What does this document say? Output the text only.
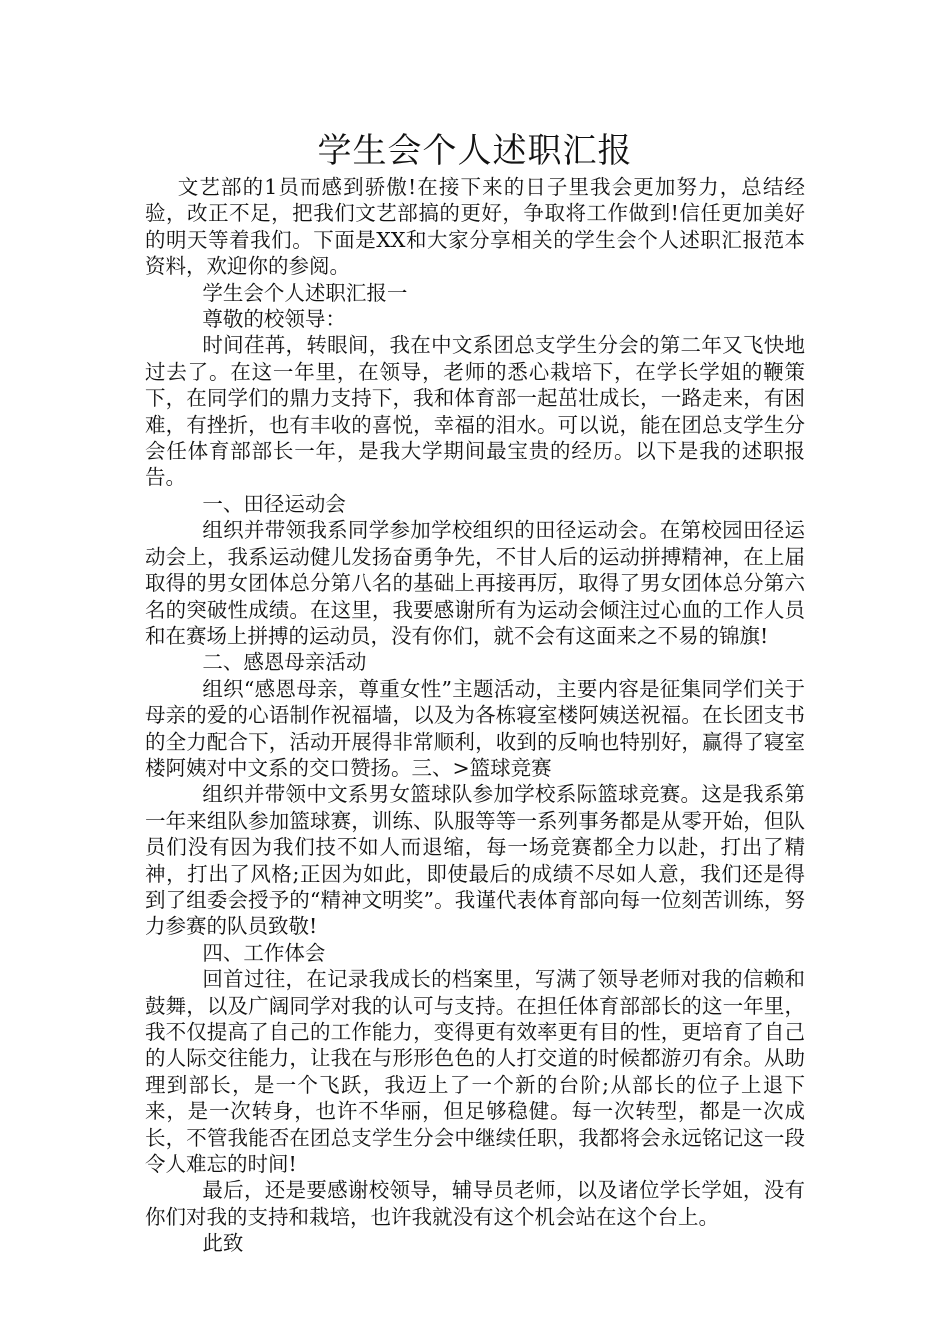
学生会个人述职汇报

文艺部的1员而感到骄傲!在接下来的日子里我会更加努力，总结经验，改正不足，把我们文艺部搞的更好，争取将工作做到!信任更加美好的明天等着我们。下面是XX和大家分享相关的学生会个人述职汇报范本资料，欢迎你的参阅。

学生会个人述职汇报一

尊敬的校领导：

时间荏苒，转眼间，我在中文系团总支学生分会的第二年又飞快地过去了。在这一年里，在领导，老师的悉心栽培下，在学长学姐的鞭策下，在同学们的鼎力支持下，我和体育部一起茁壮成长，一路走来，有困难，有挫折，也有丰收的喜悦，幸福的泪水。可以说，能在团总支学生分会任体育部部长一年，是我大学期间最宝贵的经历。以下是我的述职报告。

一、田径运动会

组织并带领我系同学参加学校组织的田径运动会。在第校园田径运动会上，我系运动健儿发扬奋勇争先，不甘人后的运动拼搏精神，在上届取得的男女团体总分第八名的基础上再接再厉，取得了男女团体总分第六名的突破性成绩。在这里，我要感谢所有为运动会倾注过心血的工作人员和在赛场上拼搏的运动员，没有你们，就不会有这面来之不易的锦旗!

二、感恩母亲活动

组织“感恩母亲，尊重女性”主题活动，主要内容是征集同学们关于母亲的爱的心语制作祝福墙，以及为各栋寝室楼阿姨送祝福。在长团支书的全力配合下，活动开展得非常顺利，收到的反响也特别好，赢得了寝室楼阿姨对中文系的交口赞扬。三、>篮球竞赛

组织并带领中文系男女篮球队参加学校系际篮球竞赛。这是我系第一年来组队参加篮球赛，训练、队服等等一系列事务都是从零开始，但队员们没有因为我们技不如人而退缩，每一场竞赛都全力以赴，打出了精神，打出了风格;正因为如此，即使最后的成绩不尽如人意，我们还是得到了组委会授予的“精神文明奖”。我谨代表体育部向每一位刻苦训练，努力参赛的队员致敬!

四、工作体会

回首过往，在记录我成长的档案里，写满了领导老师对我的信赖和鼓舞，以及广阔同学对我的认可与支持。在担任体育部部长的这一年里，我不仅提高了自己的工作能力，变得更有效率更有目的性，更培育了自己的人际交往能力，让我在与形形色色的人打交道的时候都游刃有余。从助理到部长，是一个飞跃，我迈上了一个新的台阶;从部长的位子上退下来，是一次转身，也许不华丽，但足够稳健。每一次转型，都是一次成长，不管我能否在团总支学生分会中继续任职，我都将会永远铭记这一段令人难忘的时间!

最后，还是要感谢校领导，辅导员老师，以及诸位学长学姐，没有你们对我的支持和栽培，也许我就没有这个机会站在这个台上。

此致
